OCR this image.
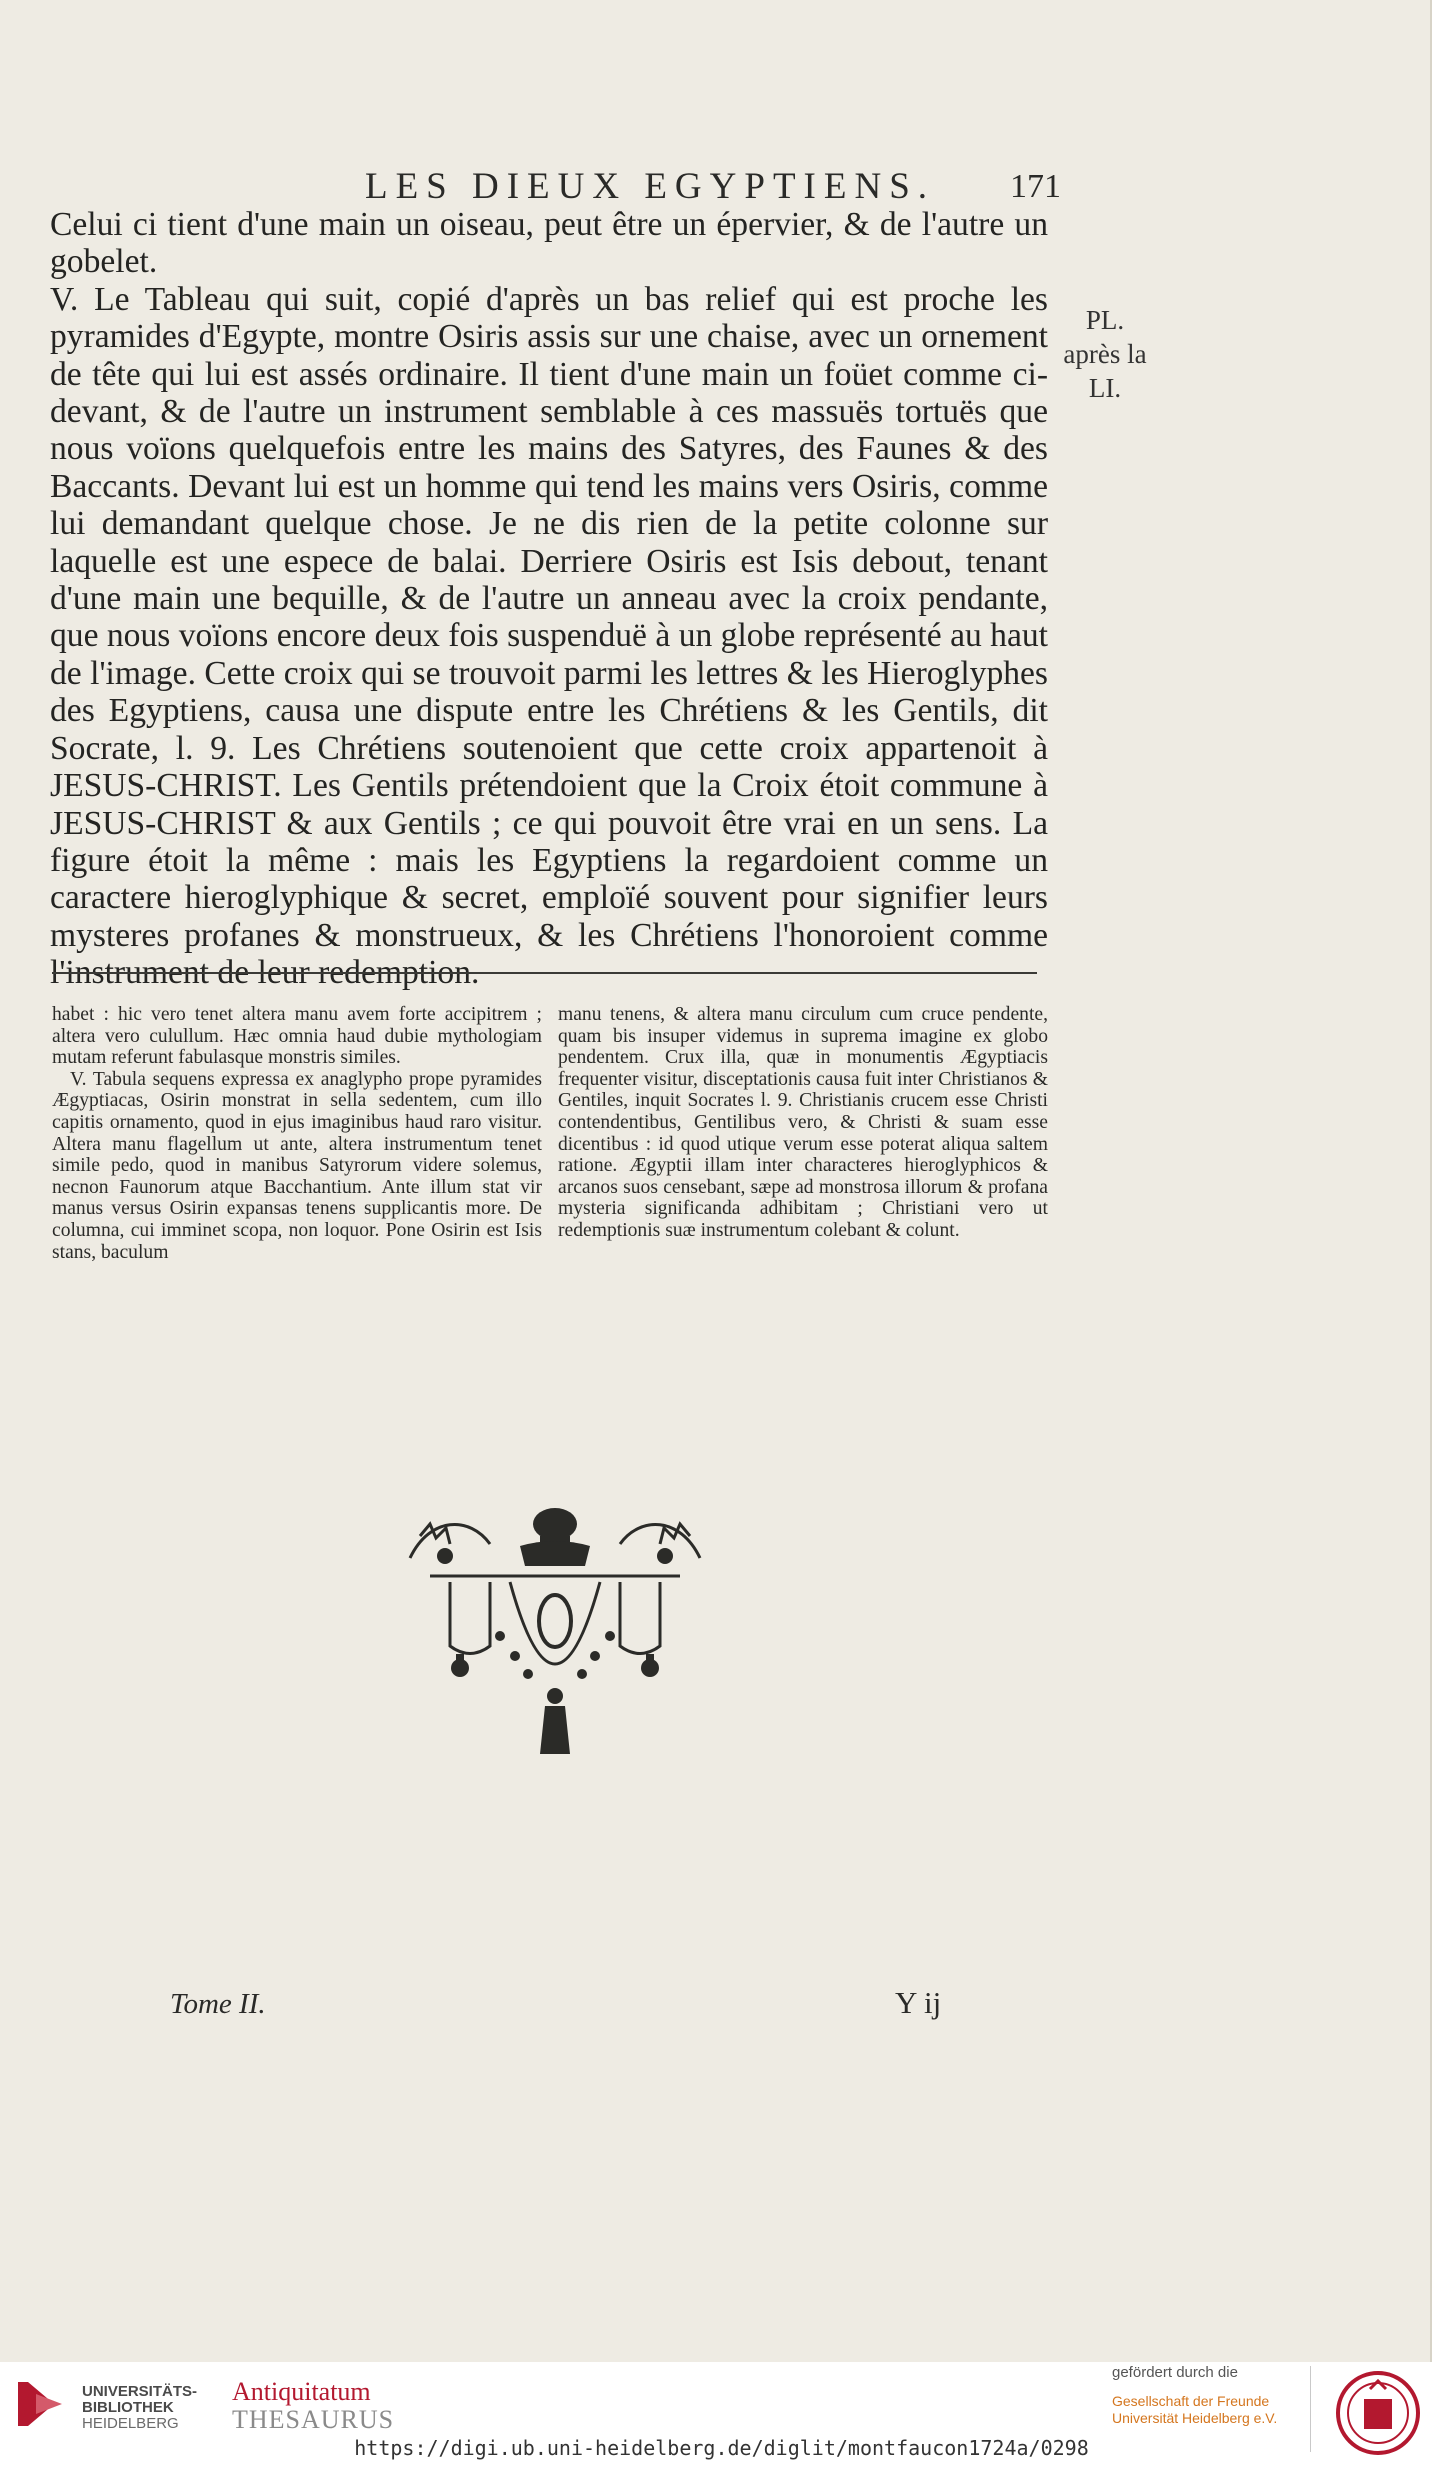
LES DIEUX EGYPTIENS.	171

Celui ci tient d'une main un oiseau, peut être un épervier, & de l'autre un gobelet.

V. Le Tableau qui suit, copié d'après un bas relief qui est proche les pyramides d'Egypte, montre Osiris assis sur une chaise, avec un ornement de tête qui lui est assés ordinaire. Il tient d'une main un foüet comme ci-devant, & de l'autre un instrument semblable à ces massuës tortuës que nous voïons quelquefois entre les mains des Satyres, des Faunes & des Baccants. Devant lui est un homme qui tend les mains vers Osiris, comme lui demandant quelque chose. Je ne dis rien de la petite colonne sur laquelle est une espece de balai. Derriere Osiris est Isis debout, tenant d'une main une bequille, & de l'autre un anneau avec la croix pendante, que nous voïons encore deux fois suspenduë à un globe représenté au haut de l'image. Cette croix qui se trouvoit parmi les lettres & les Hieroglyphes des Egyptiens, causa une dispute entre les Chrétiens & les Gentils, dit Socrate, l. 9. Les Chrétiens soutenoient que cette croix appartenoit à JESUS-CHRIST. Les Gentils prétendoient que la Croix étoit commune à JESUS-CHRIST & aux Gentils ; ce qui pouvoit être vrai en un sens. La figure étoit la même : mais les Egyptiens la regardoient comme un caractere hieroglyphique & secret, emploïé souvent pour signifier leurs mysteres profanes & monstrueux, & les Chrétiens l'honoroient comme l'instrument de leur redemption.

PL.
après la
LI.

habet : hic vero tenet altera manu avem forte accipitrem ; altera vero culullum. Hæc omnia haud dubie mythologiam mutam referunt fabulasque monstris similes.

V. Tabula sequens expressa ex anaglypho prope pyramides Ægyptiacas, Osirin monstrat in sella sedentem, cum illo capitis ornamento, quod in ejus imaginibus haud raro visitur. Altera manu flagellum ut ante, altera instrumentum tenet simile pedo, quod in manibus Satyrorum videre solemus, necnon Faunorum atque Bacchantium. Ante illum stat vir manus versus Osirin expansas tenens supplicantis more. De columna, cui imminet scopa, non loquor. Pone Osirin est Isis stans, baculum

manu tenens, & altera manu circulum cum cruce pendente, quam bis insuper videmus in suprema imagine ex globo pendentem. Crux illa, quæ in monumentis Ægyptiacis frequenter visitur, disceptationis causa fuit inter Christianos & Gentiles, inquit Socrates l. 9. Christianis crucem esse Christi contendentibus, Gentilibus vero, & Christi & suam esse dicentibus : id quod utique verum esse poterat aliqua saltem ratione. Ægyptii illam inter characteres hieroglyphicos & arcanos suos censebant, sæpe ad monstrosa illorum & profana mysteria significanda adhibitam ; Christiani vero ut redemptionis suæ instrumentum colebant & colunt.

Tome II.	Y ij
UNIVERSITÄTS-
BIBLIOTHEK
HEIDELBERG
Antiquitatum
THESAURUS
gefördert durch die
Gesellschaft der Freunde
Universität Heidelberg e.V.
https://digi.ub.uni-heidelberg.de/diglit/montfaucon1724a/0298
